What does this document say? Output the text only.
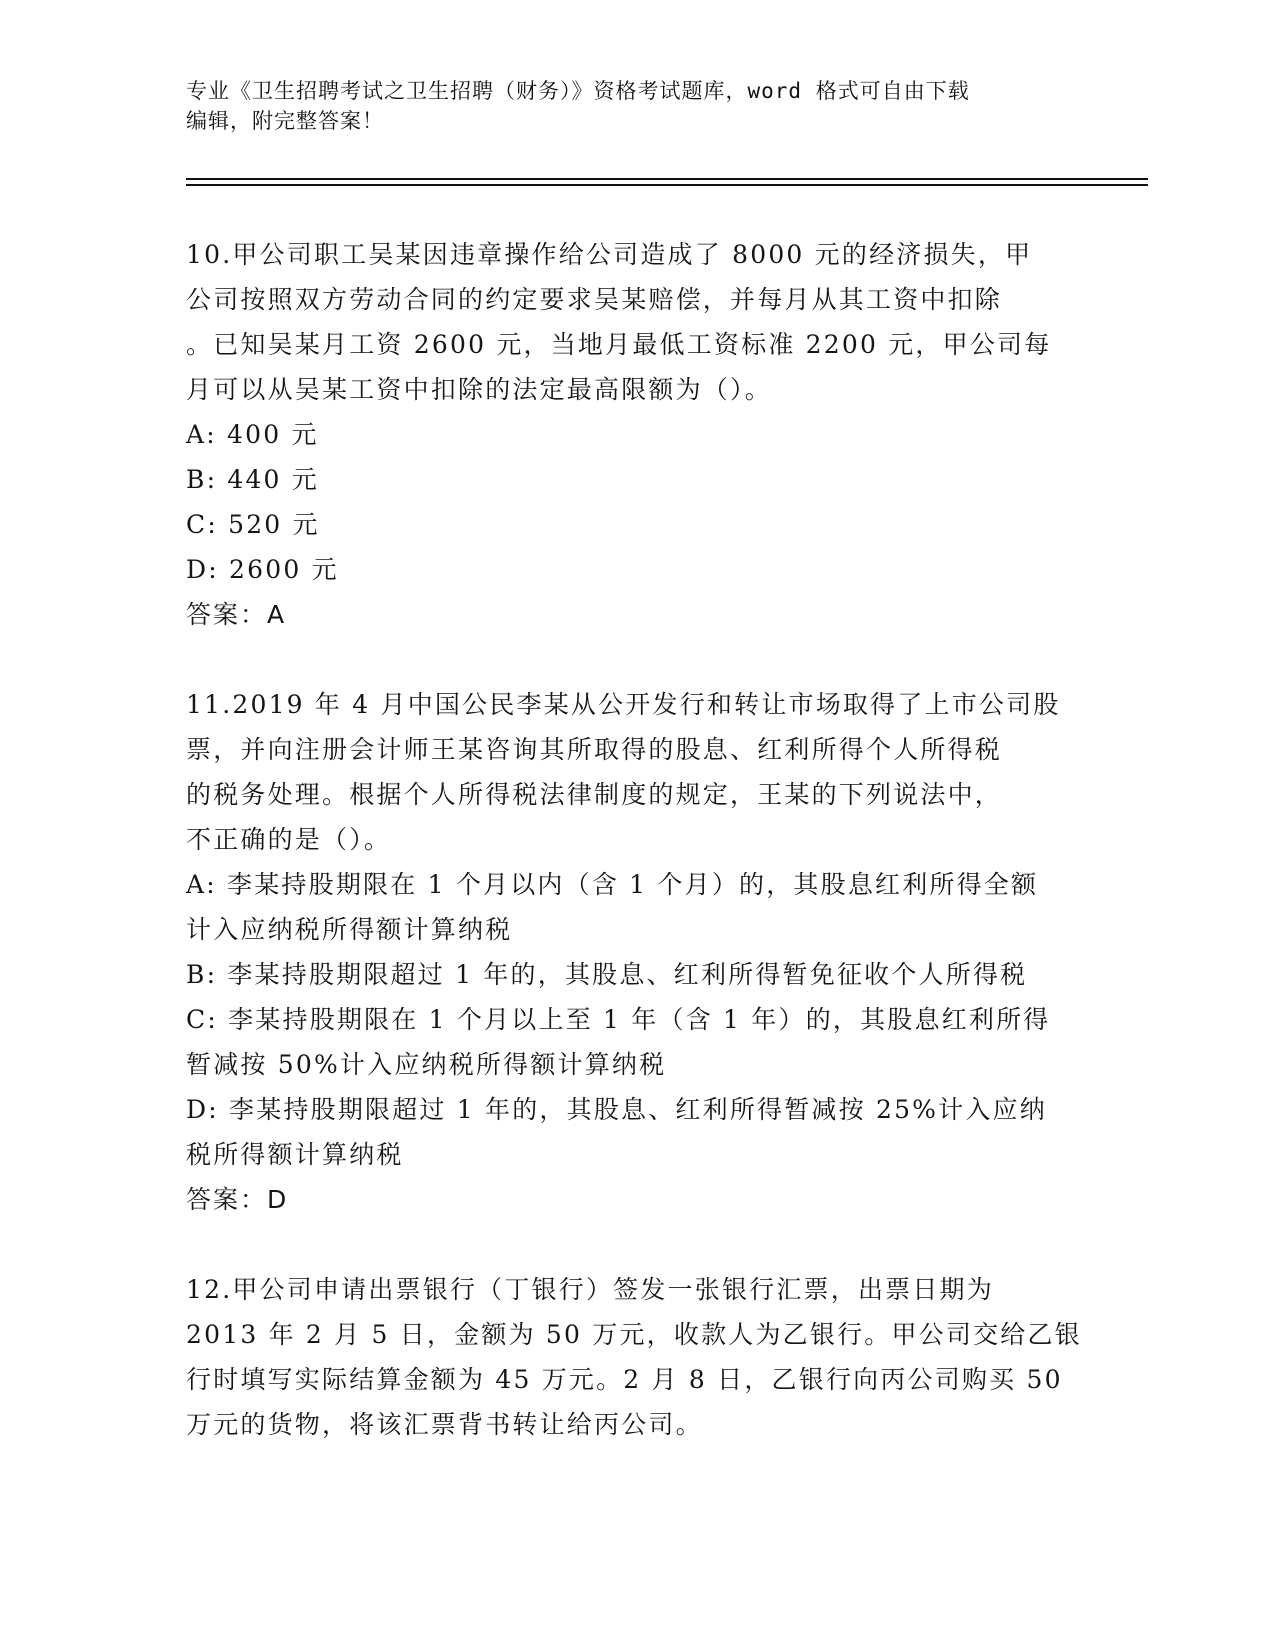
专业《卫生招聘考试之卫生招聘（财务）》资格考试题库，word 格式可自由下载
编辑，附完整答案！
10.甲公司职工吴某因违章操作给公司造成了 8000 元的经济损失，甲
公司按照双方劳动合同的约定要求吴某赔偿，并每月从其工资中扣除
。已知吴某月工资 2600 元，当地月最低工资标准 2200 元，甲公司每
月可以从吴某工资中扣除的法定最高限额为（）。
A: 400 元
B: 440 元
C: 520 元
D: 2600 元
答案：A
11.2019 年 4 月中国公民李某从公开发行和转让市场取得了上市公司股
票，并向注册会计师王某咨询其所取得的股息、红利所得个人所得税
的税务处理。根据个人所得税法律制度的规定，王某的下列说法中，
不正确的是（）。
A: 李某持股期限在 1 个月以内（含 1 个月）的，其股息红利所得全额
计入应纳税所得额计算纳税
B: 李某持股期限超过 1 年的，其股息、红利所得暂免征收个人所得税
C: 李某持股期限在 1 个月以上至 1 年（含 1 年）的，其股息红利所得
暂减按 50%计入应纳税所得额计算纳税
D: 李某持股期限超过 1 年的，其股息、红利所得暂减按 25%计入应纳
税所得额计算纳税
答案：D
12.甲公司申请出票银行（丁银行）签发一张银行汇票，出票日期为
2013 年 2 月 5 日，金额为 50 万元，收款人为乙银行。甲公司交给乙银
行时填写实际结算金额为 45 万元。2 月 8 日，乙银行向丙公司购买 50
万元的货物，将该汇票背书转让给丙公司。
